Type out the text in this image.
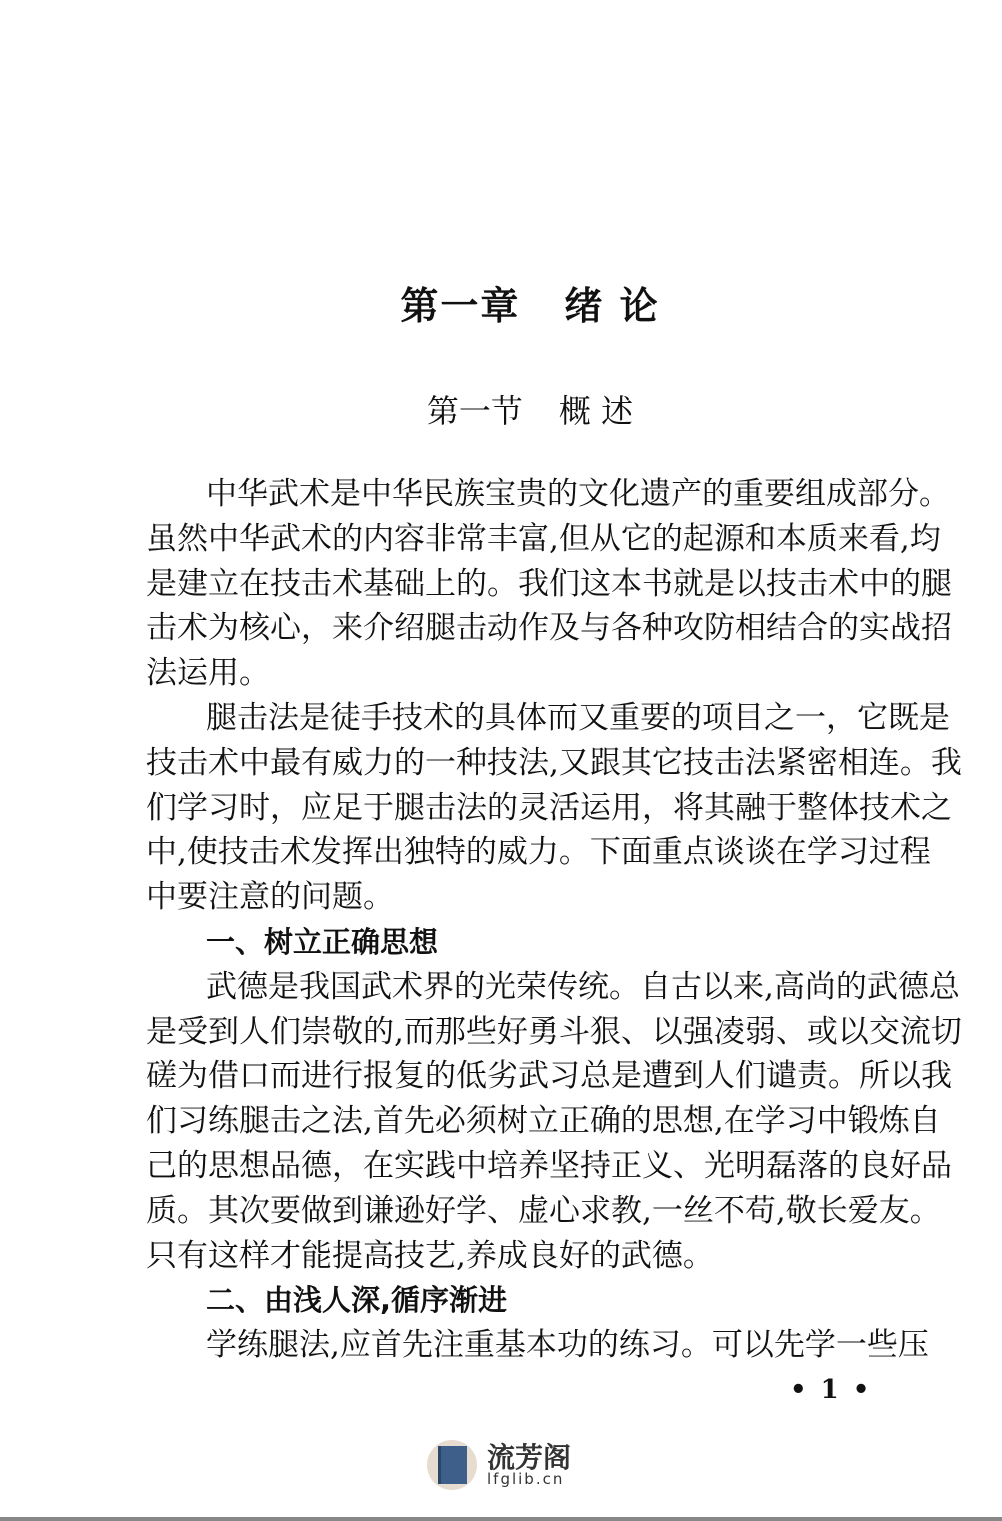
第一章 绪 论
第一节 概 述
中华武术是中华民族宝贵的文化遗产的重要组成部分。
虽然中华武术的内容非常丰富,但从它的起源和本质来看,均
是建立在技击术基础上的。我们这本书就是以技击术中的腿
击术为核心，来介绍腿击动作及与各种攻防相结合的实战招
法运用。
腿击法是徒手技术的具体而又重要的项目之一，它既是
技击术中最有威力的一种技法,又跟其它技击法紧密相连。我
们学习时，应足于腿击法的灵活运用，将其融于整体技术之
中,使技击术发挥出独特的威力。下面重点谈谈在学习过程
中要注意的问题。
一、树立正确思想
武德是我国武术界的光荣传统。自古以来,高尚的武德总
是受到人们崇敬的,而那些好勇斗狠、以强凌弱、或以交流切
磋为借口而进行报复的低劣武习总是遭到人们谴责。所以我
们习练腿击之法,首先必须树立正确的思想,在学习中锻炼自
己的思想品德，在实践中培养坚持正义、光明磊落的良好品
质。其次要做到谦逊好学、虚心求教,一丝不苟,敬长爱友。
只有这样才能提高技艺,养成良好的武德。
二、由浅人深,循序渐进
学练腿法,应首先注重基本功的练习。可以先学一些压
•1•
流芳阁
lfglib.cn
